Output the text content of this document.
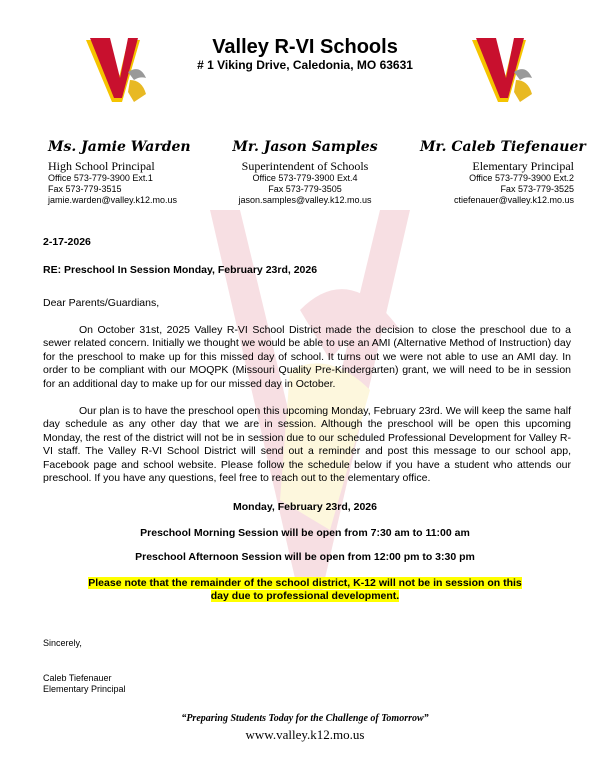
Valley R-VI Schools
# 1 Viking Drive, Caledonia, MO 63631
Ms. Jamie Warden
High School Principal
Office 573-779-3900 Ext.1
Fax 573-779-3515
jamie.warden@valley.k12.mo.us
Mr. Jason Samples
Superintendent of Schools
Office 573-779-3900 Ext.4
Fax 573-779-3505
jason.samples@valley.k12.mo.us
Mr. Caleb Tiefenauer
Elementary Principal
Office 573-779-3900 Ext.2
Fax 573-779-3525
ctiefenauer@valley.k12.mo.us
2-17-2026
RE: Preschool In Session Monday, February 23rd, 2026
Dear Parents/Guardians,
On October 31st, 2025 Valley R-VI School District made the decision to close the preschool due to a sewer related concern. Initially we thought we would be able to use an AMI (Alternative Method of Instruction) day for the preschool to make up for this missed day of school. It turns out we were not able to use an AMI day. In order to be compliant with our MOQPK (Missouri Quality Pre-Kindergarten) grant, we will need to be in session for an additional day to make up for our missed day in October.
Our plan is to have the preschool open this upcoming Monday, February 23rd. We will keep the same half day schedule as any other day that we are in session. Although the preschool will be open this upcoming Monday, the rest of the district will not be in session due to our scheduled Professional Development for Valley R-VI staff. The Valley R-VI School District will send out a reminder and post this message to our school app, Facebook page and school website. Please follow the schedule below if you have a student who attends our preschool. If you have any questions, feel free to reach out to the elementary office.
Monday, February 23rd, 2026
Preschool Morning Session will be open from 7:30 am to 11:00 am
Preschool Afternoon Session will be open from 12:00 pm to 3:30 pm
Please note that the remainder of the school district, K-12 will not be in session on this day due to professional development.
Sincerely,
Caleb Tiefenauer
Elementary Principal
“Preparing Students Today for the Challenge of Tomorrow”
www.valley.k12.mo.us
